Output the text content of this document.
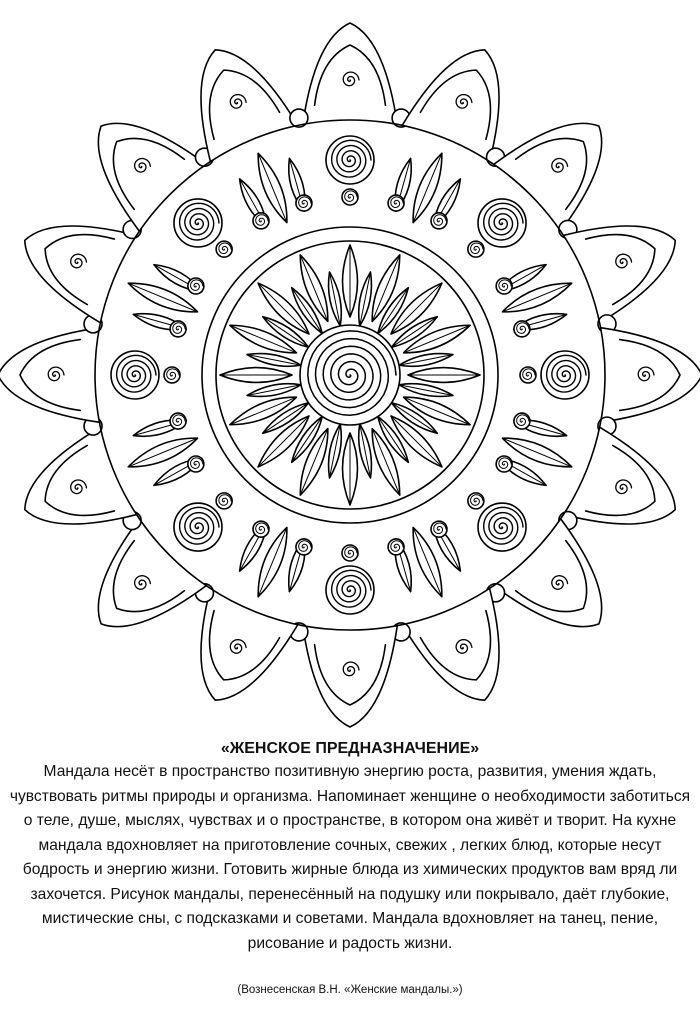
«ЖЕНСКОЕ ПРЕДНАЗНАЧЕНИЕ»

Мандала несёт в пространство позитивную энергию роста, развития, умения ждать, чувствовать ритмы природы и организма. Напоминает женщине о необходимости заботиться о теле, душе, мыслях, чувствах и о пространстве, в котором она живёт и творит. На кухне мандала вдохновляет на приготовление сочных, свежих , легких блюд, которые несут бодрость и энергию жизни. Готовить жирные блюда из химических продуктов вам вряд ли захочется. Рисунок мандалы, перенесённый на подушку или покрывало, даёт глубокие, мистические сны, с подсказками и советами. Мандала вдохновляет на танец, пение, рисование и радость жизни.

(Вознесенская В.Н. «Женские мандалы.»)
